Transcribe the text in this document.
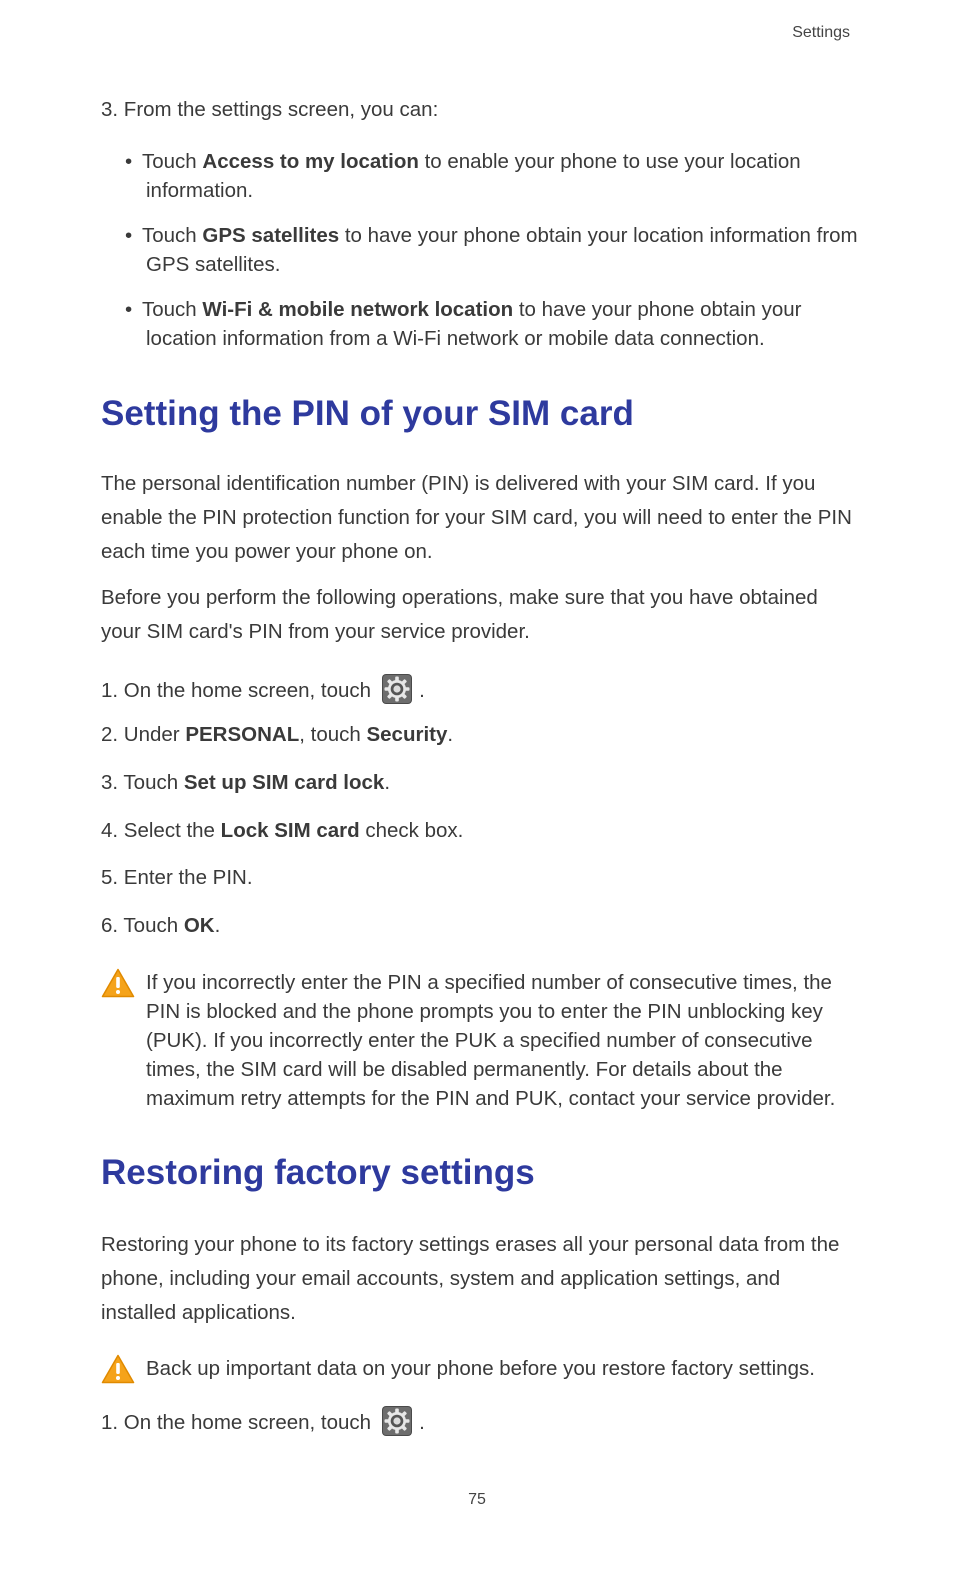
Settings
3. From the settings screen, you can:
• Touch Access to my location to enable your phone to use your location information.
• Touch GPS satellites to have your phone obtain your location information from GPS satellites.
• Touch Wi-Fi & mobile network location to have your phone obtain your location information from a Wi-Fi network or mobile data connection.
Setting the PIN of your SIM card
The personal identification number (PIN) is delivered with your SIM card. If you enable the PIN protection function for your SIM card, you will need to enter the PIN each time you power your phone on.
Before you perform the following operations, make sure that you have obtained your SIM card's PIN from your service provider.
1. On the home screen, touch .
2. Under PERSONAL, touch Security.
3. Touch Set up SIM card lock.
4. Select the Lock SIM card check box.
5. Enter the PIN.
6. Touch OK.
If you incorrectly enter the PIN a specified number of consecutive times, the PIN is blocked and the phone prompts you to enter the PIN unblocking key (PUK). If you incorrectly enter the PUK a specified number of consecutive times, the SIM card will be disabled permanently. For details about the maximum retry attempts for the PIN and PUK, contact your service provider.
Restoring factory settings
Restoring your phone to its factory settings erases all your personal data from the phone, including your email accounts, system and application settings, and installed applications.
Back up important data on your phone before you restore factory settings.
1. On the home screen, touch .
75
